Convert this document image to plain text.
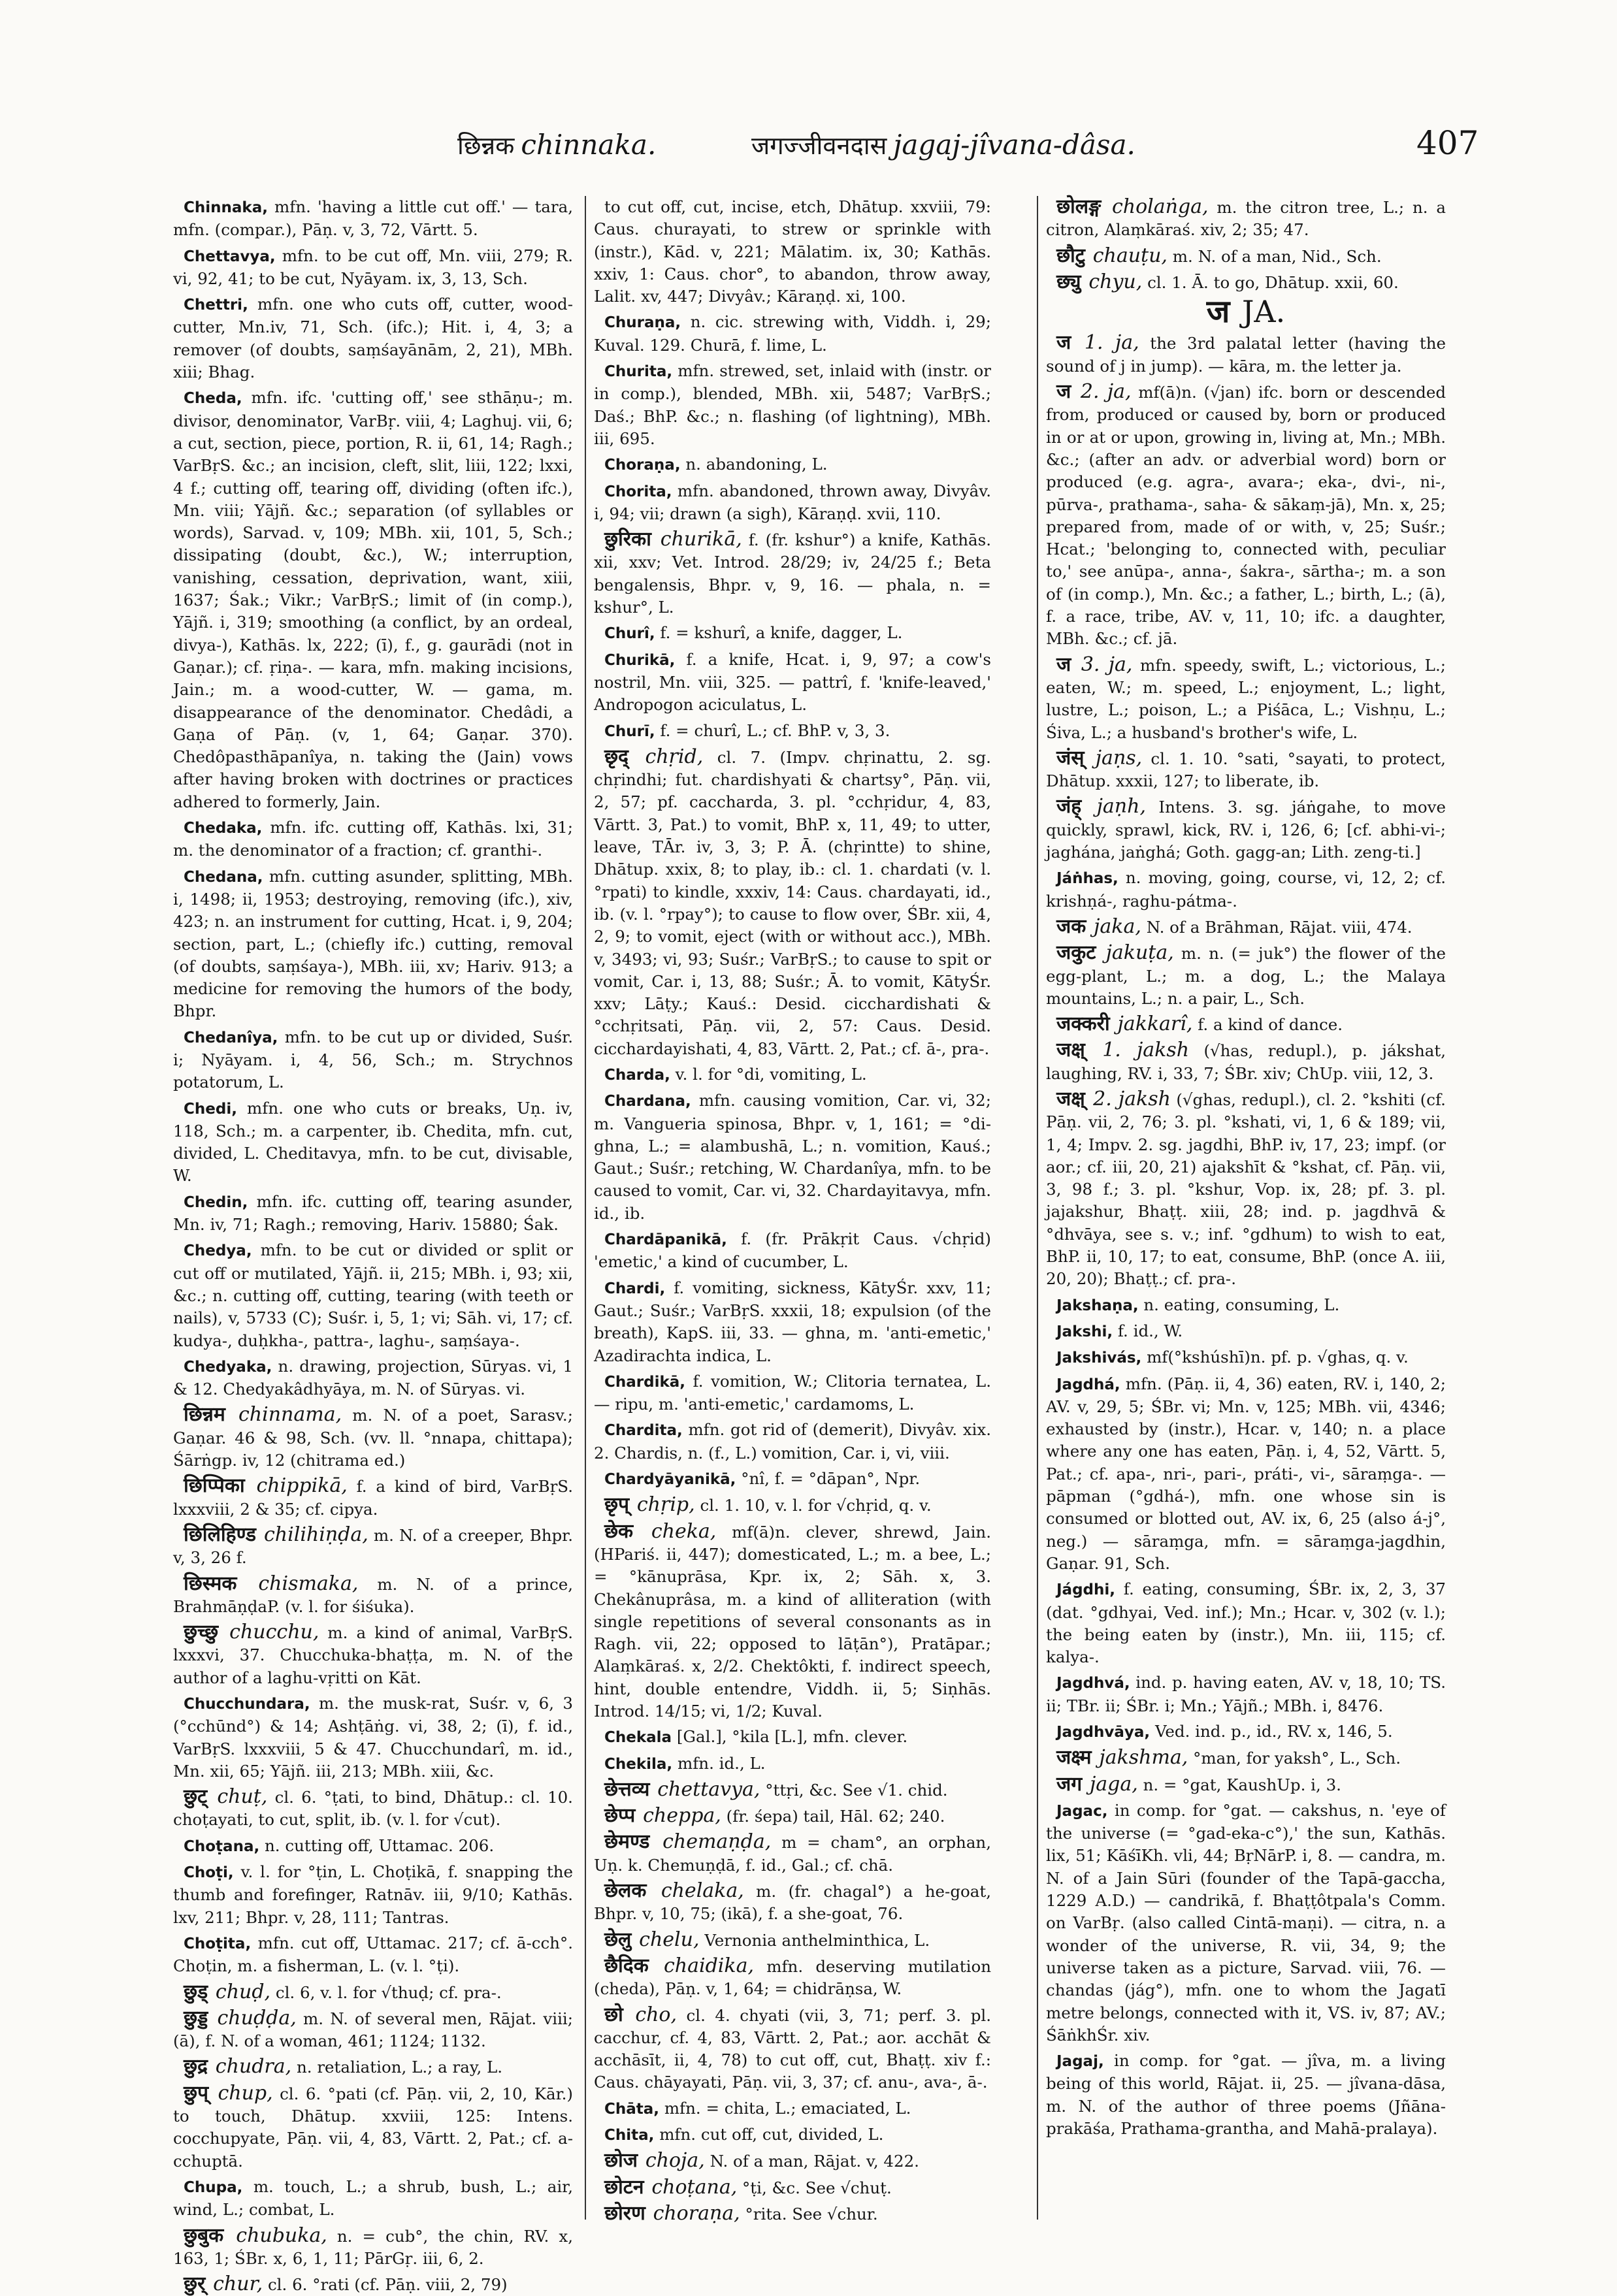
छिन्नक chinnaka.	जगज्जीवनदास jagaj-jîvana-dâsa.	407

Chinnaka, mfn. 'having a little cut off.' — tara, mfn. (compar.), Pāṇ. v, 3, 72, Vārtt. 5.

Chettavya, mfn. to be cut off, Mn. viii, 279; R. vi, 92, 41; to be cut, Nyāyam. ix, 3, 13, Sch.

Chettri, mfn. one who cuts off, cutter, wood-cutter, Mn.iv, 71, Sch. (ifc.); Hit. i, 4, 3; a remover (of doubts, saṃśayānām, 2, 21), MBh. xiii; Bhag.

Cheda, mfn. ifc. 'cutting off,' see sthāṇu-; m. divisor, denominator, VarBṛ. viii, 4; Laghuj. vii, 6; a cut, section, piece, portion, R. ii, 61, 14; Ragh.; VarBṛS. &c.; an incision, cleft, slit, liii, 122; lxxi, 4 f.; cutting off, tearing off, dividing (often ifc.), Mn. viii; Yājñ. &c.; separation (of syllables or words), Sarvad. v, 109; MBh. xii, 101, 5, Sch.; dissipating (doubt, &c.), W.; interruption, vanishing, cessation, deprivation, want, xiii, 1637; Śak.; Vikr.; VarBṛS.; limit of (in comp.), Yājñ. i, 319; smoothing (a conflict, by an ordeal, divya-), Kathās. lx, 222; (ī), f., g. gaurādi (not in Gaṇar.); cf. ṛiṇa-. — kara, mfn. making incisions, Jain.; m. a wood-cutter, W. — gama, m. disappearance of the denominator. Chedâdi, a Gaṇa of Pāṇ. (v, 1, 64; Gaṇar. 370). Chedôpasthāpanîya, n. taking the (Jain) vows after having broken with doctrines or practices adhered to formerly, Jain.

Chedaka, mfn. ifc. cutting off, Kathās. lxi, 31; m. the denominator of a fraction; cf. granthi-.

Chedana, mfn. cutting asunder, splitting, MBh. i, 1498; ii, 1953; destroying, removing (ifc.), xiv, 423; n. an instrument for cutting, Hcat. i, 9, 204; section, part, L.; (chiefly ifc.) cutting, removal (of doubts, saṃśaya-), MBh. iii, xv; Hariv. 913; a medicine for removing the humors of the body, Bhpr.

Chedanîya, mfn. to be cut up or divided, Suśr. i; Nyāyam. i, 4, 56, Sch.; m. Strychnos potatorum, L.

Chedi, mfn. one who cuts or breaks, Uṇ. iv, 118, Sch.; m. a carpenter, ib. Chedita, mfn. cut, divided, L. Cheditavya, mfn. to be cut, divisable, W.

Chedin, mfn. ifc. cutting off, tearing asunder, Mn. iv, 71; Ragh.; removing, Hariv. 15880; Śak.

Chedya, mfn. to be cut or divided or split or cut off or mutilated, Yājñ. ii, 215; MBh. i, 93; xii, &c.; n. cutting off, cutting, tearing (with teeth or nails), v, 5733 (C); Suśr. i, 5, 1; vi; Sāh. vi, 17; cf. kudya-, duḥkha-, pattra-, laghu-, saṃśaya-.

Chedyaka, n. drawing, projection, Sūryas. vi, 1 & 12. Chedyakâdhyāya, m. N. of Sūryas. vi.

छिन्नम chinnama, m. N. of a poet, Sarasv.; Gaṇar. 46 & 98, Sch. (vv. ll. °nnapa, chittapa); Śārṅgp. iv, 12 (chitrama ed.)

छिप्पिका chippikā, f. a kind of bird, VarBṛS. lxxxviii, 2 & 35; cf. cipya.

छिलिहिण्ड chilihiṇḍa, m. N. of a creeper, Bhpr. v, 3, 26 f.

छिस्मक chismaka, m. N. of a prince, BrahmāṇḍaP. (v. l. for śiśuka).

छुच्छु chucchu, m. a kind of animal, VarBṛS. lxxxvi, 37. Chucchuka-bhaṭṭa, m. N. of the author of a laghu-vṛitti on Kāt.

Chucchundara, m. the musk-rat, Suśr. v, 6, 3 (°cchūnd°) & 14; Ashṭāṅg. vi, 38, 2; (ī), f. id., VarBṛS. lxxxviii, 5 & 47. Chucchundarî, m. id., Mn. xii, 65; Yājñ. iii, 213; MBh. xiii, &c.

छुट् chuṭ, cl. 6. °ṭati, to bind, Dhātup.: cl. 10. choṭayati, to cut, split, ib. (v. l. for √cut).

Choṭana, n. cutting off, Uttamac. 206.

Choṭi, v. l. for °ṭin, L. Choṭikā, f. snapping the thumb and forefinger, Ratnāv. iii, 9/10; Kathās. lxv, 211; Bhpr. v, 28, 111; Tantras.

Choṭita, mfn. cut off, Uttamac. 217; cf. ā-cch°. Choṭin, m. a fisherman, L. (v. l. °ṭi).

छुड् chuḍ, cl. 6, v. l. for √thuḍ; cf. pra-.

छुड्ड chuḍḍa, m. N. of several men, Rājat. viii; (ā), f. N. of a woman, 461; 1124; 1132.

छुद्र chudra, n. retaliation, L.; a ray, L.

छुप् chup, cl. 6. °pati (cf. Pāṇ. vii, 2, 10, Kār.) to touch, Dhātup. xxviii, 125: Intens. cocchupyate, Pāṇ. vii, 4, 83, Vārtt. 2, Pat.; cf. a-cchuptā.

Chupa, m. touch, L.; a shrub, bush, L.; air, wind, L.; combat, L.

छुबुक chubuka, n. = cub°, the chin, RV. x, 163, 1; ŚBr. x, 6, 1, 11; PārGṛ. iii, 6, 2.

छुर् chur, cl. 6. °rati (cf. Pāṇ. viii, 2, 79)

to cut off, cut, incise, etch, Dhātup. xxviii, 79: Caus. churayati, to strew or sprinkle with (instr.), Kād. v, 221; Mālatim. ix, 30; Kathās. xxiv, 1: Caus. chor°, to abandon, throw away, Lalit. xv, 447; Divyâv.; Kāraṇḍ. xi, 100.

Churaṇa, n. cic. strewing with, Viddh. i, 29; Kuval. 129. Churā, f. lime, L.

Churita, mfn. strewed, set, inlaid with (instr. or in comp.), blended, MBh. xii, 5487; VarBṛS.; Daś.; BhP. &c.; n. flashing (of lightning), MBh. iii, 695.

Choraṇa, n. abandoning, L.

Chorita, mfn. abandoned, thrown away, Divyâv. i, 94; vii; drawn (a sigh), Kāraṇḍ. xvii, 110.

छुरिका churikā, f. (fr. kshur°) a knife, Kathās. xii, xxv; Vet. Introd. 28/29; iv, 24/25 f.; Beta bengalensis, Bhpr. v, 9, 16. — phala, n. = kshur°, L.

Churî, f. = kshurî, a knife, dagger, L.

Churikā, f. a knife, Hcat. i, 9, 97; a cow's nostril, Mn. viii, 325. — pattrî, f. 'knife-leaved,' Andropogon aciculatus, L.

Churī, f. = churî, L.; cf. BhP. v, 3, 3.

छृद् chṛid, cl. 7. (Impv. chṛinattu, 2. sg. chṛindhi; fut. chardishyati & chartsy°, Pāṇ. vii, 2, 57; pf. caccharda, 3. pl. °cchṛidur, 4, 83, Vārtt. 3, Pat.) to vomit, BhP. x, 11, 49; to utter, leave, TĀr. iv, 3, 3; P. Ā. (chṛintte) to shine, Dhātup. xxix, 8; to play, ib.: cl. 1. chardati (v. l. °rpati) to kindle, xxxiv, 14: Caus. chardayati, id., ib. (v. l. °rpay°); to cause to flow over, ŚBr. xii, 4, 2, 9; to vomit, eject (with or without acc.), MBh. v, 3493; vi, 93; Suśr.; VarBṛS.; to cause to spit or vomit, Car. i, 13, 88; Suśr.; Ā. to vomit, KātyŚr. xxv; Lāṭy.; Kauś.: Desid. cicchardishati & °cchṛitsati, Pāṇ. vii, 2, 57: Caus. Desid. cicchardayishati, 4, 83, Vārtt. 2, Pat.; cf. ā-, pra-.

Charda, v. l. for °di, vomiting, L.

Chardana, mfn. causing vomition, Car. vi, 32; m. Vangueria spinosa, Bhpr. v, 1, 161; = °di-ghna, L.; = alambushā, L.; n. vomition, Kauś.; Gaut.; Suśr.; retching, W. Chardanîya, mfn. to be caused to vomit, Car. vi, 32. Chardayitavya, mfn. id., ib.

Chardāpanikā, f. (fr. Prākṛit Caus. √chṛid) 'emetic,' a kind of cucumber, L.

Chardi, f. vomiting, sickness, KātyŚr. xxv, 11; Gaut.; Suśr.; VarBṛS. xxxii, 18; expulsion (of the breath), KapS. iii, 33. — ghna, m. 'anti-emetic,' Azadirachta indica, L.

Chardikā, f. vomition, W.; Clitoria ternatea, L. — ripu, m. 'anti-emetic,' cardamoms, L.

Chardita, mfn. got rid of (demerit), Divyâv. xix. 2. Chardis, n. (f., L.) vomition, Car. i, vi, viii.

Chardyāyanikā, °nî, f. = °dāpan°, Npr.

छृप् chṛip, cl. 1. 10, v. l. for √chṛid, q. v.

छेक cheka, mf(ā)n. clever, shrewd, Jain. (HPariś. ii, 447); domesticated, L.; m. a bee, L.; = °kānuprāsa, Kpr. ix, 2; Sāh. x, 3. Chekânuprâsa, m. a kind of alliteration (with single repetitions of several consonants as in Ragh. vii, 22; opposed to lāṭān°), Pratāpar.; Alaṃkāraś. x, 2/2. Chektôkti, f. indirect speech, hint, double entendre, Viddh. ii, 5; Siṇhās. Introd. 14/15; vi, 1/2; Kuval.

Chekala [Gal.], °kila [L.], mfn. clever.

Chekila, mfn. id., L.

छेत्तव्य chettavya, °ttṛi, &c. See √1. chid.

छेप्प cheppa, (fr. śepa) tail, Hāl. 62; 240.

छेमण्ड chemaṇḍa, m = cham°, an orphan, Uṇ. k. Chemuṇḍā, f. id., Gal.; cf. chā.

छेलक chelaka, m. (fr. chagal°) a he-goat, Bhpr. v, 10, 75; (ikā), f. a she-goat, 76.

छेलु chelu, Vernonia anthelminthica, L.

छैदिक chaidika, mfn. deserving mutilation (cheda), Pāṇ. v, 1, 64; = chidrāṇsa, W.

छो cho, cl. 4. chyati (vii, 3, 71; perf. 3. pl. cacchur, cf. 4, 83, Vārtt. 2, Pat.; aor. acchāt & acchāsīt, ii, 4, 78) to cut off, cut, Bhaṭṭ. xiv f.: Caus. chāyayati, Pāṇ. vii, 3, 37; cf. anu-, ava-, ā-.

Chāta, mfn. = chita, L.; emaciated, L.

Chita, mfn. cut off, cut, divided, L.

छोज choja, N. of a man, Rājat. v, 422.

छोटन choṭana, °ṭi, &c. See √chuṭ.

छोरण choraṇa, °rita. See √chur.

छोलङ्ग cholaṅga, m. the citron tree, L.; n. a citron, Alaṃkāraś. xiv, 2; 35; 47.

छौटु chauṭu, m. N. of a man, Nid., Sch.

छ्यु chyu, cl. 1. Ā. to go, Dhātup. xxii, 60.

ज JA.

ज 1. ja, the 3rd palatal letter (having the sound of j in jump). — kāra, m. the letter ja.

ज 2. ja, mf(ā)n. (√jan) ifc. born or descended from, produced or caused by, born or produced in or at or upon, growing in, living at, Mn.; MBh. &c.; (after an adv. or adverbial word) born or produced (e.g. agra-, avara-; eka-, dvi-, ni-, pūrva-, prathama-, saha- & sākaṃ-jā), Mn. x, 25; prepared from, made of or with, v, 25; Suśr.; Hcat.; 'belonging to, connected with, peculiar to,' see anūpa-, anna-, śakra-, sārtha-; m. a son of (in comp.), Mn. &c.; a father, L.; birth, L.; (ā), f. a race, tribe, AV. v, 11, 10; ifc. a daughter, MBh. &c.; cf. jā.

ज 3. ja, mfn. speedy, swift, L.; victorious, L.; eaten, W.; m. speed, L.; enjoyment, L.; light, lustre, L.; poison, L.; a Piśāca, L.; Vishṇu, L.; Śiva, L.; a husband's brother's wife, L.

जंस् jaṇs, cl. 1. 10. °sati, °sayati, to protect, Dhātup. xxxii, 127; to liberate, ib.

जंह् jaṇh, Intens. 3. sg. jáṅgahe, to move quickly, sprawl, kick, RV. i, 126, 6; [cf. abhi-vi-; jaghána, jaṅghá; Goth. gagg-an; Lith. zeng-ti.]

Jáṅhas, n. moving, going, course, vi, 12, 2; cf. krishṇá-, raghu-pátma-.

जक jaka, N. of a Brāhman, Rājat. viii, 474.

जकुट jakuṭa, m. n. (= juk°) the flower of the egg-plant, L.; m. a dog, L.; the Malaya mountains, L.; n. a pair, L., Sch.

जक्करी jakkarî, f. a kind of dance.

जक्ष् 1. jaksh (√has, redupl.), p. jákshat, laughing, RV. i, 33, 7; ŚBr. xiv; ChUp. viii, 12, 3.

जक्ष् 2. jaksh (√ghas, redupl.), cl. 2. °kshiti (cf. Pāṇ. vii, 2, 76; 3. pl. °kshati, vi, 1, 6 & 189; vii, 1, 4; Impv. 2. sg. jagdhi, BhP. iv, 17, 23; impf. (or aor.; cf. iii, 20, 21) ajakshīt & °kshat, cf. Pāṇ. vii, 3, 98 f.; 3. pl. °kshur, Vop. ix, 28; pf. 3. pl. jajakshur, Bhaṭṭ. xiii, 28; ind. p. jagdhvā & °dhvāya, see s. v.; inf. °gdhum) to wish to eat, BhP. ii, 10, 17; to eat, consume, BhP. (once A. iii, 20, 20); Bhaṭṭ.; cf. pra-.

Jakshaṇa, n. eating, consuming, L.

Jakshi, f. id., W.

Jakshivás, mf(°kshúshī)n. pf. p. √ghas, q. v.

Jagdhá, mfn. (Pāṇ. ii, 4, 36) eaten, RV. i, 140, 2; AV. v, 29, 5; ŚBr. vi; Mn. v, 125; MBh. vii, 4346; exhausted by (instr.), Hcar. v, 140; n. a place where any one has eaten, Pāṇ. i, 4, 52, Vārtt. 5, Pat.; cf. apa-, nri-, pari-, práti-, vi-, sāraṃga-. — pāpman (°gdhá-), mfn. one whose sin is consumed or blotted out, AV. ix, 6, 25 (also á-j°, neg.) — sāraṃga, mfn. = sāraṃga-jagdhin, Gaṇar. 91, Sch.

Jágdhi, f. eating, consuming, ŚBr. ix, 2, 3, 37 (dat. °gdhyai, Ved. inf.); Mn.; Hcar. v, 302 (v. l.); the being eaten by (instr.), Mn. iii, 115; cf. kalya-.

Jagdhvá, ind. p. having eaten, AV. v, 18, 10; TS. ii; TBr. ii; ŚBr. i; Mn.; Yājñ.; MBh. i, 8476.

Jagdhvāya, Ved. ind. p., id., RV. x, 146, 5.

जक्ष्म jakshma, °man, for yaksh°, L., Sch.

जग jaga, n. = °gat, KaushUp. i, 3.

Jagac, in comp. for °gat. — cakshus, n. 'eye of the universe (= °gad-eka-c°),' the sun, Kathās. lix, 51; KāśīKh. vli, 44; BṛNārP. i, 8. — candra, m. N. of a Jain Sūri (founder of the Tapā-gaccha, 1229 A.D.) — candrikā, f. Bhaṭṭôtpala's Comm. on VarBṛ. (also called Cintā-maṇi). — citra, n. a wonder of the universe, R. vii, 34, 9; the universe taken as a picture, Sarvad. viii, 76. — chandas (jág°), mfn. one to whom the Jagatī metre belongs, connected with it, VS. iv, 87; AV.; ŚāṅkhŚr. xiv.

Jagaj, in comp. for °gat. — jîva, m. a living being of this world, Rājat. ii, 25. — jîvana-dāsa, m. N. of the author of three poems (Jñāna-prakāśa, Prathama-grantha, and Mahā-pralaya).
